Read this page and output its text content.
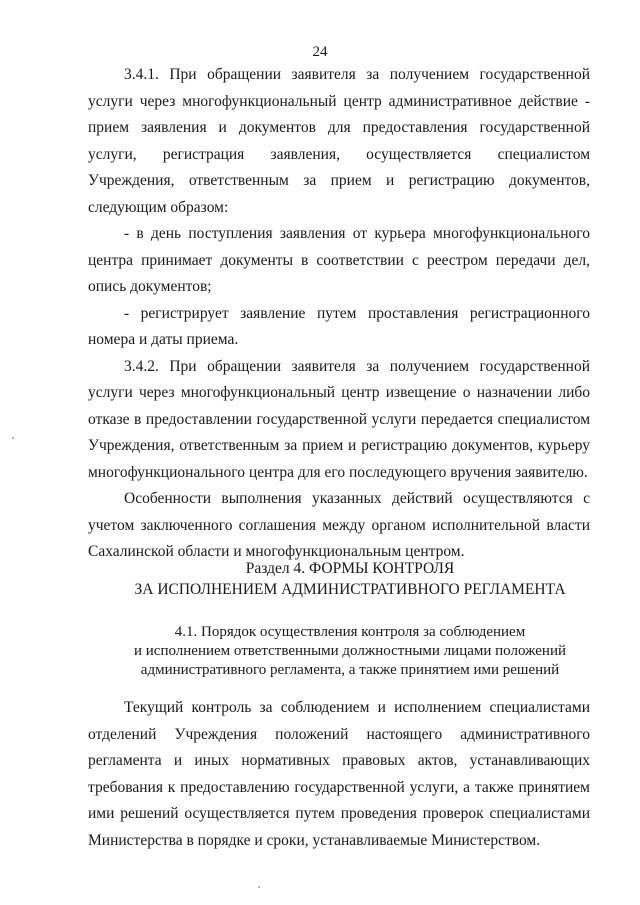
24

3.4.1. При обращении заявителя за получением государственной услуги через многофункциональный центр административное действие - прием заявления и документов для предоставления государственной услуги, регистрация заявления, осуществляется специалистом Учреждения, ответственным за прием и регистрацию документов, следующим образом:

- в день поступления заявления от курьера многофункционального центра принимает документы в соответствии с реестром передачи дел, опись документов;

- регистрирует заявление путем проставления регистрационного номера и даты приема.

3.4.2. При обращении заявителя за получением государственной услуги через многофункциональный центр извещение о назначении либо отказе в предоставлении государственной услуги передается специалистом Учреждения, ответственным за прием и регистрацию документов, курьеру многофункционального центра для его последующего вручения заявителю.

Особенности выполнения указанных действий осуществляются с учетом заключенного соглашения между органом исполнительной власти Сахалинской области и многофункциональным центром.

Раздел 4. ФОРМЫ КОНТРОЛЯ
ЗА ИСПОЛНЕНИЕМ АДМИНИСТРАТИВНОГО РЕГЛАМЕНТА
4.1. Порядок осуществления контроля за соблюдением
и исполнением ответственными должностными лицами положений
административного регламента, а также принятием ими решений

Текущий контроль за соблюдением и исполнением специалистами отделений Учреждения положений настоящего административного регламента и иных нормативных правовых актов, устанавливающих требования к предоставлению государственной услуги, а также принятием ими решений осуществляется путем проведения проверок специалистами Министерства в порядке и сроки, устанавливаемые Министерством.
